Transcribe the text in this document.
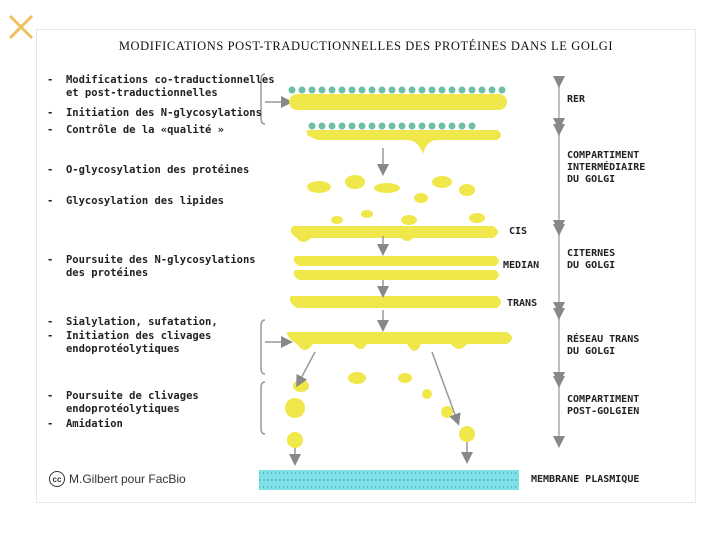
MODIFICATIONS POST-TRADUCTIONNELLES DES PROTÉINES DANS LE GOLGI
-  Modifications co-traductionnelles
et post-traductionnelles
-  Initiation des N-glycosylations
-  Contrôle de la «qualité »
-  O-glycosylation des protéines
-  Glycosylation des lipides
-  Poursuite des N-glycosylations
des protéines
-  Sialylation, sufatation,
-  Initiation des clivages
endoprotéolytiques
-  Poursuite de clivages
endoprotéolytiques
-  Amidation
CIS
MEDIAN
TRANS
RER
COMPARTIMENT
INTERMÉDIAIRE
DU GOLGI
CITERNES
DU GOLGI
RÉSEAU TRANS
DU GOLGI
COMPARTIMENT
POST-GOLGIEN
MEMBRANE PLASMIQUE
cc M.Gilbert pour FacBio
